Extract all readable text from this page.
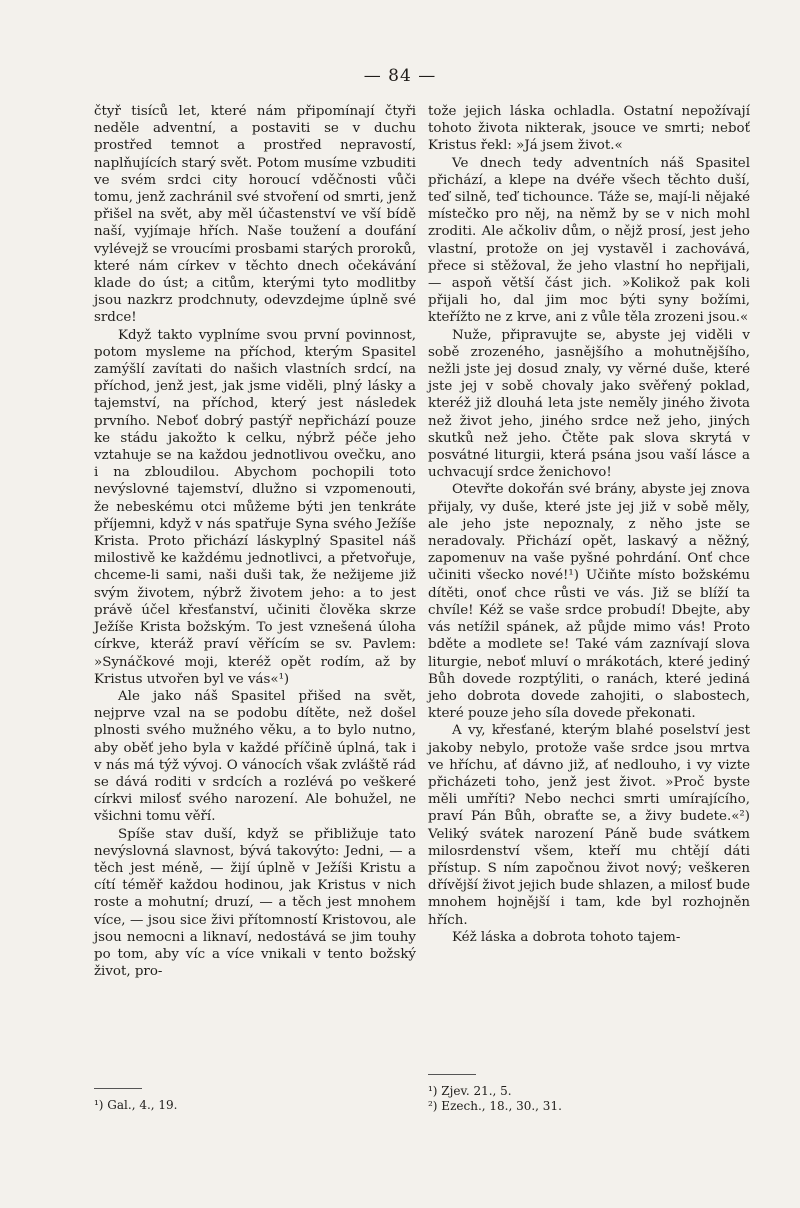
— 84 —

čtyř tisíců let, které nám připomínají čtyři neděle adventní, a postaviti se v duchu prostřed temnot a prostřed nepravostí, naplňujících starý svět. Potom musíme vzbuditi ve svém srdci city horoucí vděčnosti vůči tomu, jenž zachránil své stvoření od smrti, jenž přišel na svět, aby měl účastenství ve vší bídě naší, vyjímaje hřích. Naše toužení a doufání vylévejž se vroucími prosbami starých proroků, které nám církev v těchto dnech očekávání klade do úst; a citům, kterými tyto modlitby jsou nazkrz prodchnuty, odevzdejme úplně své srdce!

Když takto vyplníme svou první povinnost, potom mysleme na příchod, kterým Spasitel zamýšlí zavítati do našich vlastních srdcí, na příchod, jenž jest, jak jsme viděli, plný lásky a tajemství, na příchod, který jest následek prvního. Neboť dobrý pastýř nepřichází pouze ke stádu jakožto k celku, nýbrž péče jeho vztahuje se na každou jednotlivou ovečku, ano i na zbloudilou. Abychom pochopili toto nevýslovné tajemství, dlužno si vzpomenouti, že nebeskému otci můžeme býti jen tenkráte příjemni, když v nás spatřuje Syna svého Ježíše Krista. Proto přichází láskyplný Spasitel náš milostivě ke každému jednotlivci, a přetvořuje, chceme-li sami, naši duši tak, že nežijeme již svým životem, nýbrž životem jeho: a to jest právě účel křesťanství, učiniti člověka skrze Ježíše Krista božským. To jest vznešená úloha církve, kteráž praví věřícím se sv. Pavlem: »Synáčkové moji, kteréž opět rodím, až by Kristus utvořen byl ve vás«¹)

Ale jako náš Spasitel přišed na svět, nejprve vzal na se podobu dítěte, než došel plnosti svého mužného věku, a to bylo nutno, aby oběť jeho byla v každé příčině úplná, tak i v nás má týž vývoj. O vánocích však zvláště rád se dává roditi v srdcích a rozlévá po veškeré církvi milosť svého narození. Ale bohužel, ne všichni tomu věří.

Spíše stav duší, když se přibližuje tato nevýslovná slavnost, bývá takovýto: Jedni, — a těch jest méně, — žijí úplně v Ježíši Kristu a cítí téměř každou hodinou, jak Kristus v nich roste a mohutní; druzí, — a těch jest mnohem více, — jsou sice živi přítomností Kristovou, ale jsou nemocni a liknaví, nedostává se jim touhy po tom, aby víc a více vnikali v tento božský život, pro-

tože jejich láska ochladla. Ostatní nepožívají tohoto života nikterak, jsouce ve smrti; neboť Kristus řekl: »Já jsem život.«

Ve dnech tedy adventních náš Spasitel přichází, a klepe na dvéře všech těchto duší, teď silně, teď tichounce. Táže se, mají-li nějaké místečko pro něj, na němž by se v nich mohl zroditi. Ale ačkoliv dům, o nějž prosí, jest jeho vlastní, protože on jej vystavěl i zachovává, přece si stěžoval, že jeho vlastní ho nepřijali, — aspoň větší část jich. »Kolikož pak koli přijali ho, dal jim moc býti syny božími, kteřížto ne z krve, ani z vůle těla zrozeni jsou.«

Nuže, připravujte se, abyste jej viděli v sobě zrozeného, jasnějšího a mohutnějšího, nežli jste jej dosud znaly, vy věrné duše, které jste jej v sobě chovaly jako svěřený poklad, kteréž již dlouhá leta jste neměly jiného života než život jeho, jiného srdce než jeho, jiných skutků než jeho. Čtěte pak slova skrytá v posvátné liturgii, která psána jsou vaší lásce a uchvacují srdce ženichovo!

Otevřte dokořán své brány, abyste jej znova přijaly, vy duše, které jste jej již v sobě měly, ale jeho jste nepoznaly, z něho jste se neradovaly. Přichází opět, laskavý a něžný, zapomenuv na vaše pyšné pohrdání. Onť chce učiniti všecko nové!¹) Učiňte místo božskému dítěti, onoť chce růsti ve vás. Již se blíží ta chvíle! Kéž se vaše srdce probudí! Dbejte, aby vás netížil spánek, až půjde mimo vás! Proto bděte a modlete se! Také vám zaznívají slova liturgie, neboť mluví o mrákotách, které jediný Bůh dovede rozptýliti, o ranách, které jediná jeho dobrota dovede zahojiti, o slabostech, které pouze jeho síla dovede překonati.

A vy, křesťané, kterým blahé poselství jest jakoby nebylo, protože vaše srdce jsou mrtva ve hříchu, ať dávno již, ať nedlouho, i vy vizte přicházeti toho, jenž jest život. »Proč byste měli umříti? Nebo nechci smrti umírajícího, praví Pán Bůh, obraťte se, a živy budete.«²) Veliký svátek narození Páně bude svátkem milosrdenství všem, kteří mu chtějí dáti přístup. S ním započnou život nový; veškeren dřívější život jejich bude shlazen, a milosť bude mnohem hojnější i tam, kde byl rozhojněn hřích.

Kéž láska a dobrota tohoto tajem-

¹) Gal., 4., 19.
¹) Zjev. 21., 5.
²) Ezech., 18., 30., 31.
